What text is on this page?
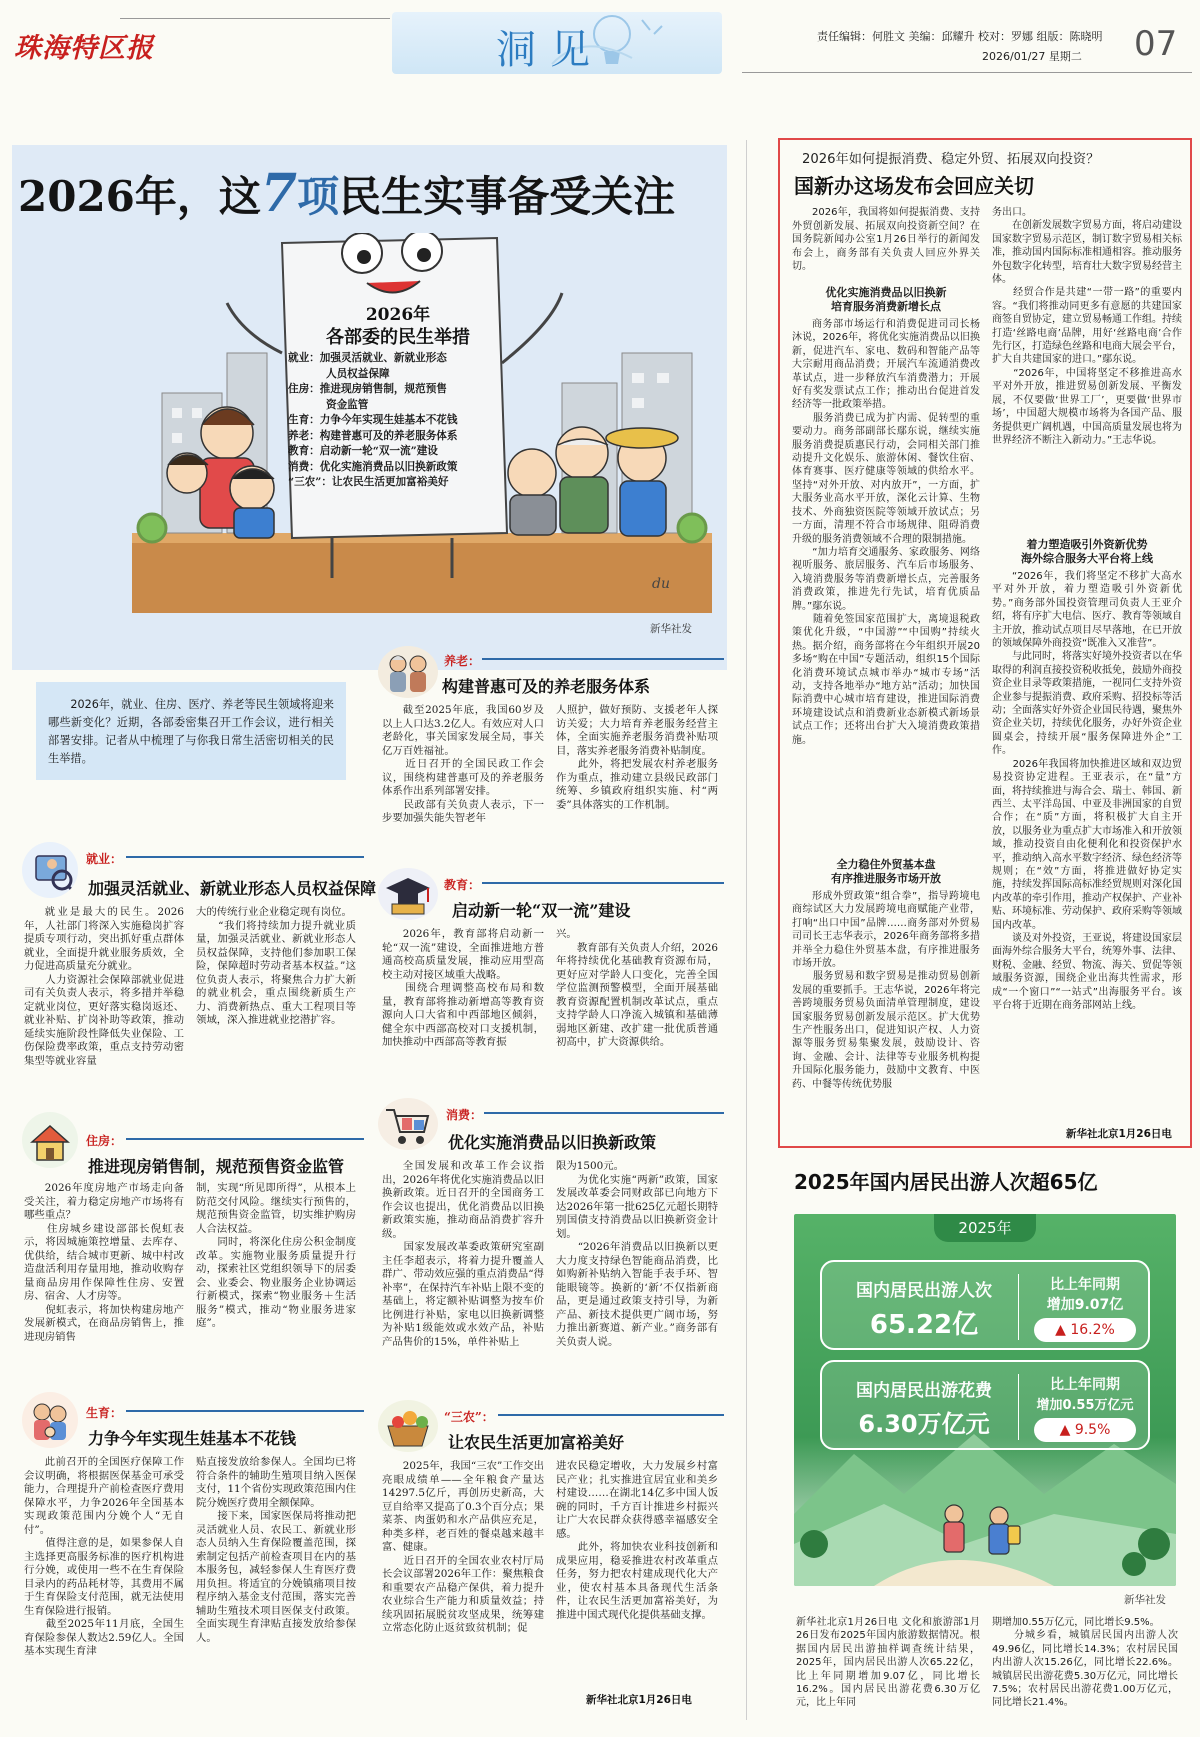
珠海特区报	洞见	责任编辑：何胜文 美编：邱耀升 校对：罗娜 组版：陈晓明
2026/01/27 星期二 07
2026年，这7项民生实事备受关注
du
2026年
各部委的民生举措
就业：加强灵活就业、新就业形态
人员权益保障
住房：推进现房销售制，规范预售
资金监管
生育：力争今年实现生娃基本不花钱
养老：构建普惠可及的养老服务体系
教育：启动新一轮“双一流”建设
消费：优化实施消费品以旧换新政策
“三农”：让农民生活更加富裕美好
新华社发
2026年，就业、住房、医疗、养老等民生领域将迎来哪些新变化？近期，各部委密集召开工作会议，进行相关部署安排。记者从中梳理了与你我日常生活密切相关的民生举措。
就业：
加强灵活就业、新就业形态人员权益保障
就业是最大的民生。2026年，人社部门将深入实施稳岗扩容提质专项行动，突出抓好重点群体就业，全面提升就业服务质效，全力促进高质量充分就业。
　　人力资源社会保障部就业促进司有关负责人表示，将多措并举稳定就业岗位，更好落实稳岗返还、就业补贴、扩岗补助等政策，推动延续实施阶段性降低失业保险、工伤保险费率政策，重点支持劳动密集型等就业容量
大的传统行业企业稳定现有岗位。
　　“我们将持续加力提升就业质量，加强灵活就业、新就业形态人员权益保障，支持他们参加职工保险，保障超时劳动者基本权益。”这位负责人表示，将聚焦合力扩大新的就业机会，重点围绕新质生产力、消费新热点、重大工程项目等领域，深入推进就业挖潜扩容。
住房：
推进现房销售制，规范预售资金监管
2026年度房地产市场走向备受关注，着力稳定房地产市场将有哪些重点？
　　住房城乡建设部部长倪虹表示，将因城施策控增量、去库存、优供给，结合城市更新、城中村改造盘活利用存量用地，推动收购存量商品房用作保障性住房、安置房、宿舍、人才房等。
　　倪虹表示，将加快构建房地产发展新模式，在商品房销售上，推进现房销售
制，实现“所见即所得”，从根本上防范交付风险。继续实行预售的，规范预售资金监管，切实维护购房人合法权益。
　　同时，将深化住房公积金制度改革。实施物业服务质量提升行动，探索社区党组织领导下的居委会、业委会、物业服务企业协调运行新模式，探索“物业服务＋生活服务”模式，推动“物业服务进家庭”。
生育：
力争今年实现生娃基本不花钱
此前召开的全国医疗保障工作会议明确，将根据医保基金可承受能力，合理提升产前检查医疗费用保障水平，力争2026年全国基本实现政策范围内分娩个人“无自付”。
　　值得注意的是，如果参保人自主选择更高服务标准的医疗机构进行分娩，或使用一些不在生育保险目录内的药品耗材等，其费用不属于生育保险支付范围，就无法使用生育保险进行报销。
　　截至2025年11月底，全国生育保险参保人数达2.59亿人。全国基本实现生育津
贴直接发放给参保人。全国均已将符合条件的辅助生殖项目纳入医保支付，11个省份实现政策范围内住院分娩医疗费用全额保障。
　　接下来，国家医保局将推动把灵活就业人员、农民工、新就业形态人员纳入生育保险覆盖范围，探索制定包括产前检查项目在内的基本服务包，减轻参保人生育医疗费用负担。将适宜的分娩镇痛项目按程序纳入基金支付范围，落实完善辅助生殖技术项目医保支付政策。全面实现生育津贴直接发放给参保人。
养老：
构建普惠可及的养老服务体系
截至2025年底，我国60岁及以上人口达3.2亿人。有效应对人口老龄化，事关国家发展全局，事关亿万百姓福祉。
　　近日召开的全国民政工作会议，围绕构建普惠可及的养老服务体系作出系列部署安排。
　　民政部有关负责人表示，下一步要加强失能失智老年
人照护，做好预防、支援老年人探访关爱；大力培育养老服务经营主体，全面实施养老服务消费补贴项目，落实养老服务消费补贴制度。
　　此外，将把发展农村养老服务作为重点，推动建立县级民政部门统筹、乡镇政府组织实施、村“两委”具体落实的工作机制。
教育：
启动新一轮“双一流”建设
2026年，教育部将启动新一轮“双一流”建设，全面推进地方普通高校高质量发展，推动应用型高校主动对接区域重大战略。
　　围绕合理调整高校布局和数量，教育部将推动新增高等教育资源向人口大省和中西部地区倾斜，健全东中西部高校对口支援机制，加快推动中西部高等教育振
兴。
　　教育部有关负责人介绍，2026年将持续优化基础教育资源布局，更好应对学龄人口变化，完善全国学位监测预警模型，全面开展基础教育资源配置机制改革试点，重点支持学龄人口净流入城镇和基础薄弱地区新建、改扩建一批优质普通初高中，扩大资源供给。
消费：
优化实施消费品以旧换新政策
全国发展和改革工作会议指出，2026年将优化实施消费品以旧换新政策。近日召开的全国商务工作会议也提出，优化消费品以旧换新政策实施，推动商品消费扩容升级。
　　国家发展改革委政策研究室副主任李超表示，将着力提升覆盖人群广、带动效应强的重点消费品“得补率”，在保持汽车补贴上限不变的基础上，将定额补贴调整为按车价比例进行补贴，家电以旧换新调整为补贴1级能效或水效产品，补贴产品售价的15%，单件补贴上
限为1500元。
　　为优化实施“两新”政策，国家发展改革委会同财政部已向地方下达2026年第一批625亿元超长期特别国债支持消费品以旧换新资金计划。
　　“2026年消费品以旧换新以更大力度支持绿色智能商品消费，比如购新补贴纳入智能手表手环、智能眼镜等。换新的‘新’不仅指新商品，更是通过政策支持引导，为新产品、新技术提供更广阔市场，努力推出新赛道、新产业。”商务部有关负责人说。
“三农”：
让农民生活更加富裕美好
2025年，我国“三农”工作交出亮眼成绩单——全年粮食产量达14297.5亿斤，再创历史新高，大豆自给率又提高了0.3个百分点；果菜茶、肉蛋奶和水产品供应充足，种类多样，老百姓的餐桌越来越丰富、健康。
　　近日召开的全国农业农村厅局长会议部署2026年工作：聚焦粮食和重要农产品稳产保供，着力提升农业综合生产能力和质量效益；持续巩固拓展脱贫攻坚成果，统筹建立常态化防止返贫致贫机制；促
进农民稳定增收，大力发展乡村富民产业；扎实推进宜居宜业和美乡村建设……在湖北14亿多中国人饭碗的同时，千方百计推进乡村振兴让广大农民群众获得感幸福感安全感。
　　此外，将加快农业科技创新和成果应用，稳妥推进农村改革重点任务，努力把农村建成现代化大产业，使农村基本具备现代生活条件，让农民生活更加富裕美好，为推进中国式现代化提供基础支撑。
新华社北京1月26日电
2026年如何提振消费、稳定外贸、拓展双向投资？
国新办这场发布会回应关切
2026年，我国将如何提振消费、支持外贸创新发展、拓展双向投资新空间？在国务院新闻办公室1月26日举行的新闻发布会上，商务部有关负责人回应外界关切。
优化实施消费品以旧换新
培育服务消费新增长点
商务部市场运行和消费促进司司长杨沐说，2026年，将优化实施消费品以旧换新，促进汽车、家电、数码和智能产品等大宗耐用商品消费；开展汽车流通消费改革试点，进一步释放汽车消费潜力；开展好有奖发票试点工作；推动出台促进首发经济等一批政策举措。
　　服务消费已成为扩内需、促转型的重要动力。商务部副部长鄢东说，继续实施服务消费提质惠民行动，会同相关部门推动提升文化娱乐、旅游休闲、餐饮住宿、体育赛事、医疗健康等领域的供给水平。坚持“对外开放、对内放开”，一方面，扩大服务业高水平开放，深化云计算、生物技术、外商独资医院等领域开放试点；另一方面，清理不符合市场规律、阻碍消费升级的服务消费领域不合理的限制措施。
　　“加力培育交通服务、家政服务、网络视听服务、旅居服务、汽车后市场服务、入境消费服务等消费新增长点，完善服务消费政策，推进先行先试，培育优质品牌。”鄢东说。
　　随着免签国家范围扩大，离境退税政策优化升级，“中国游”“中国购”持续火热。据介绍，商务部将在今年组织开展20多场“购在中国”专题活动，组织15个国际化消费环境试点城市举办“城市专场”活动，支持各地举办“地方站”活动；加快国际消费中心城市培育建设，推进国际消费环境建设试点和消费新业态新模式新场景试点工作；还将出台扩大入境消费政策措施。
全力稳住外贸基本盘
有序推进服务市场开放
形成外贸政策“组合拳”，指导跨境电商综试区大力发展跨境电商赋能产业带，打响“出口中国”品牌……商务部对外贸易司司长王志华表示，2026年商务部将多措并举全力稳住外贸基本盘，有序推进服务市场开放。
　　服务贸易和数字贸易是推动贸易创新发展的重要抓手。王志华说，2026年将完善跨境服务贸易负面清单管理制度，建设国家服务贸易创新发展示范区。扩大优势生产性服务出口，促进知识产权、人力资源等服务贸易集聚发展，鼓励设计、咨询、金融、会计、法律等专业服务机构提升国际化服务能力，鼓励中文教育、中医药、中餐等传统优势服
务出口。
　　在创新发展数字贸易方面，将启动建设国家数字贸易示范区，制订数字贸易相关标准，推动国内国际标准相通相容。推动服务外包数字化转型，培育壮大数字贸易经营主体。
　　经贸合作是共建“一带一路”的重要内容。“我们将推动同更多有意愿的共建国家商签自贸协定，建立贸易畅通工作组。持续打造‘丝路电商’品牌，用好‘丝路电商’合作先行区，打造绿色丝路和电商大展会平台，扩大自共建国家的进口。”鄢东说。
　　“2026年，中国将坚定不移推进高水平对外开放，推进贸易创新发展、平衡发展，不仅要做‘世界工厂’，更要做‘世界市场’，中国超大规模市场将为各国产品、服务提供更广阔机遇，中国高质量发展也将为世界经济不断注入新动力。”王志华说。
着力塑造吸引外资新优势
海外综合服务大平台将上线
“2026年，我们将坚定不移扩大高水平对外开放，着力塑造吸引外资新优势。”商务部外国投资管理司负责人王亚介绍，将有序扩大电信、医疗、教育等领域自主开放，推动试点项目尽早落地，在已开放的领域保障外商投资“既准入又准营”。
　　与此同时，将落实好境外投资者以在华取得的利润直接投资税收抵免，鼓励外商投资企业目录等政策措施，一视同仁支持外资企业参与提振消费、政府采购、招投标等活动；全面落实好外资企业国民待遇，聚焦外资企业关切，持续优化服务，办好外资企业圆桌会，持续开展“服务保障进外企”工作。
　　2026年我国将加快推进区域和双边贸易投资协定进程。王亚表示，在“量”方面，将持续推进与海合会、瑞士、韩国、新西兰、太平洋岛国、中亚及非洲国家的自贸合作；在“质”方面，将积极扩大自主开放，以服务业为重点扩大市场准入和开放领域，推动投资自由化便利化和投资保护水平，推动纳入高水平数字经济、绿色经济等规则；在“效”方面，将推进做好协定实施，持续发挥国际高标准经贸规则对深化国内改革的牵引作用，推动产权保护、产业补贴、环境标准、劳动保护、政府采购等领域国内改革。
　　谈及对外投资，王亚说，将建设国家层面海外综合服务大平台，统筹外事、法律、财税、金融、经贸、物流、海关、贸促等领域服务资源，围绕企业出海共性需求，形成“一个窗口”“一站式”出海服务平台。该平台将于近期在商务部网站上线。
新华社北京1月26日电
2025年国内居民出游人次超65亿
2025年
国内居民出游人次
65.22亿
比上年同期
增加9.07亿
▲ 16.2%
国内居民出游花费
6.30万亿元
比上年同期
增加0.55万亿元
▲ 9.5%
新华社发
新华社北京1月26日电 文化和旅游部1月26日发布2025年国内旅游数据情况。根据国内居民出游抽样调查统计结果，2025年，国内居民出游人次65.22亿，比上年同期增加9.07亿，同比增长16.2%。国内居民出游花费6.30万亿元，比上年同
期增加0.55万亿元，同比增长9.5%。
　　分城乡看，城镇居民国内出游人次49.96亿，同比增长14.3%；农村居民国内出游人次15.26亿，同比增长22.6%。城镇居民出游花费5.30万亿元，同比增长7.5%；农村居民出游花费1.00万亿元，同比增长21.4%。
